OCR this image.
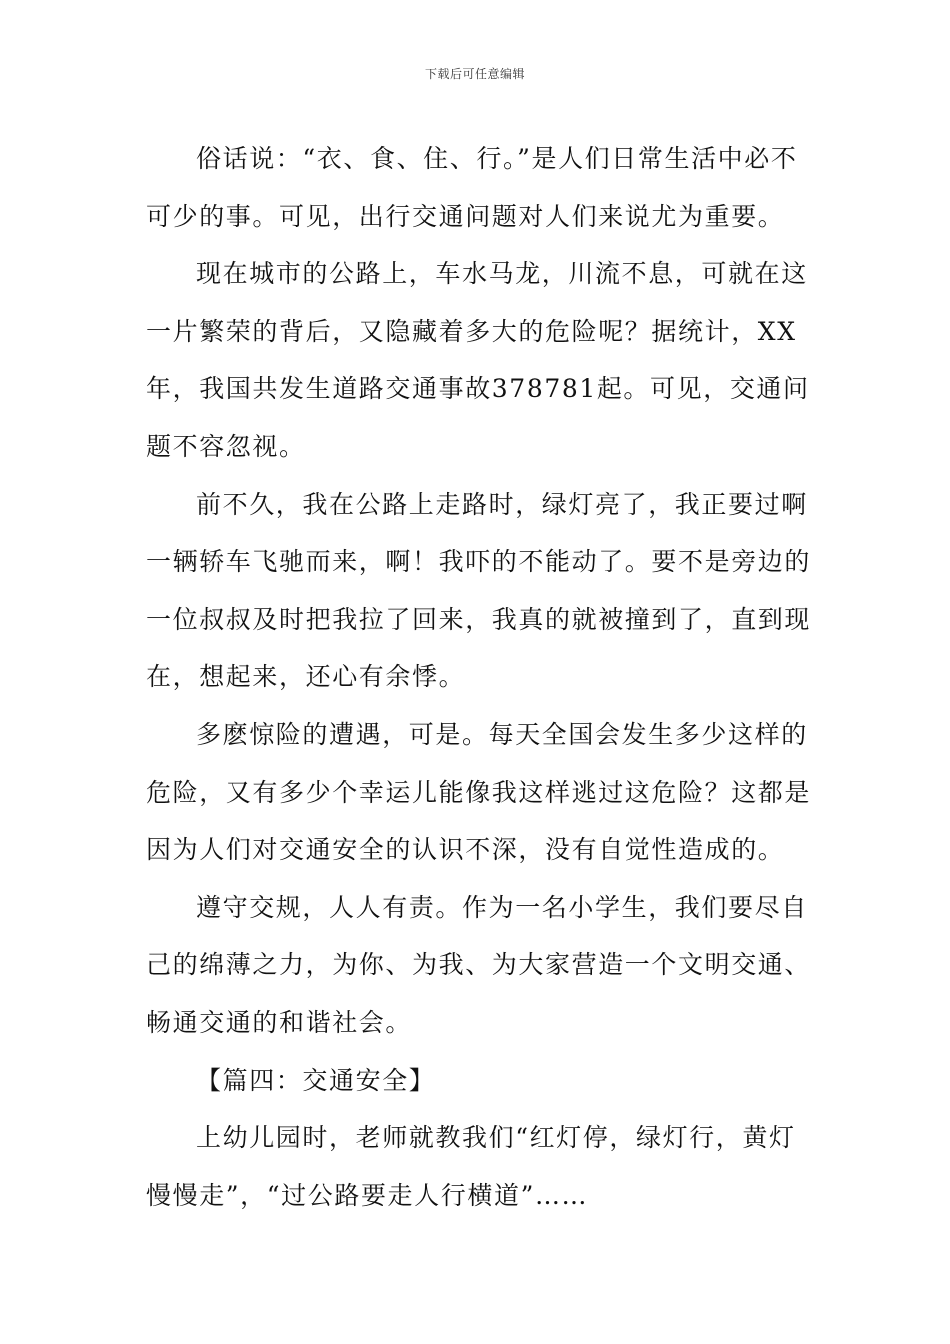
下载后可任意编辑

俗话说：“衣、食、住、行。”是人们日常生活中必不可少的事。可见，出行交通问题对人们来说尤为重要。

现在城市的公路上，车水马龙，川流不息，可就在这一片繁荣的背后，又隐藏着多大的危险呢？据统计，XX年，我国共发生道路交通事故378781起。可见，交通问题不容忽视。

前不久，我在公路上走路时，绿灯亮了，我正要过啊一辆轿车飞驰而来，啊！我吓的不能动了。要不是旁边的一位叔叔及时把我拉了回来，我真的就被撞到了，直到现在，想起来，还心有余悸。

多麽惊险的遭遇，可是。每天全国会发生多少这样的危险，又有多少个幸运儿能像我这样逃过这危险？这都是因为人们对交通安全的认识不深，没有自觉性造成的。

遵守交规，人人有责。作为一名小学生，我们要尽自己的绵薄之力，为你、为我、为大家营造一个文明交通、畅通交通的和谐社会。

【篇四：交通安全】

上幼儿园时，老师就教我们“红灯停，绿灯行，黄灯慢慢走”，“过公路要走人行横道”……
